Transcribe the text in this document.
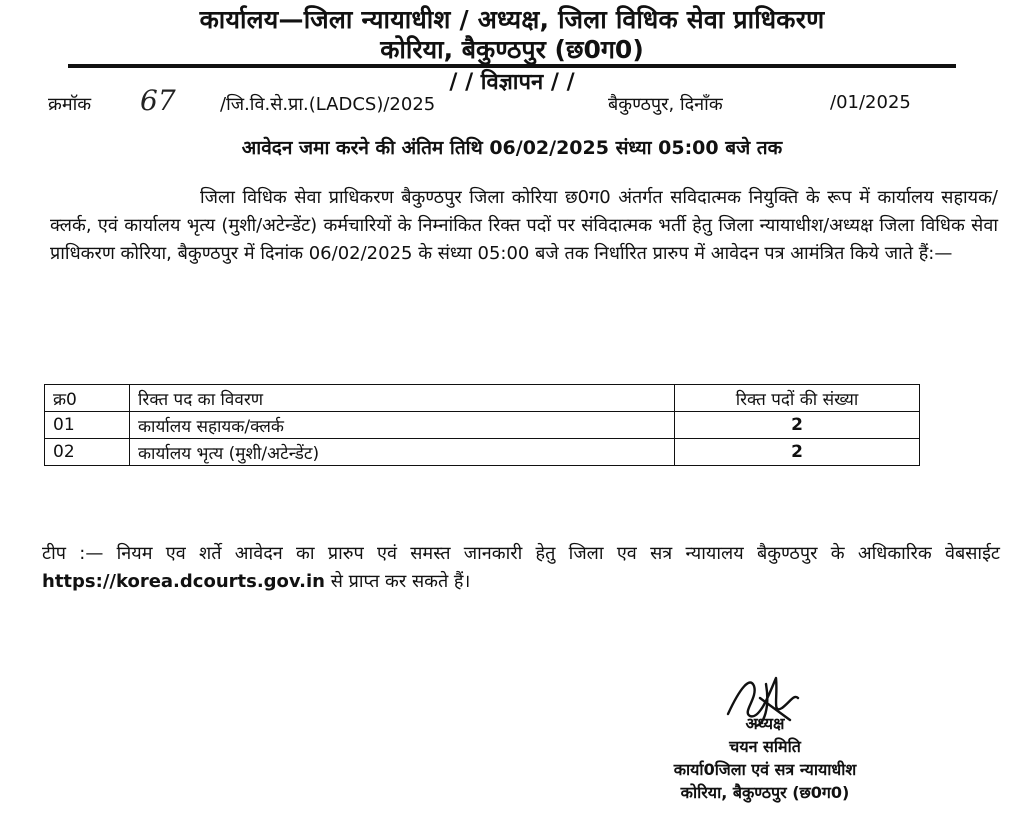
कार्यालय—जिला न्यायाधीश / अध्यक्ष, जिला विधिक सेवा प्राधिकरण
कोरिया, बैकुण्ठपुर (छ0ग0)
/ / विज्ञापन / /
क्रमॉक 67 /जि.वि.से.प्रा.(LADCS)/2025	बैकुण्ठपुर, दिनाँक	/01/2025
आवेदन जमा करने की अंतिम तिथि 06/02/2025 संध्या 05:00 बजे तक
जिला विधिक सेवा प्राधिकरण बैकुण्ठपुर जिला कोरिया छ0ग0 अंतर्गत सविदात्मक नियुक्ति के रूप में कार्यालय सहायक/क्लर्क, एवं कार्यालय भृत्य (मुशी/अटेन्डेंट) कर्मचारियों के निम्नांकित रिक्त पदों पर संविदात्मक भर्ती हेतु जिला न्यायाधीश/अध्यक्ष जिला विधिक सेवा प्राधिकरण कोरिया, बैकुण्ठपुर में दिनांक 06/02/2025 के संध्या 05:00 बजे तक निर्धारित प्रारुप में आवेदन पत्र आमंत्रित किये जाते हैं:—
क्र0	रिक्त पद का विवरण	रिक्त पदों की संख्या
01	कार्यालय सहायक/क्लर्क	2
02	कार्यालय भृत्य (मुशी/अटेन्डेंट)	2
टीप :— नियम एव शर्ते आवेदन का प्रारुप एवं समस्त जानकारी हेतु जिला एव सत्र न्यायालय बैकुण्ठपुर के अधिकारिक वेबसाईट https://korea.dcourts.gov.in से प्राप्त कर सकते हैं।
अध्यक्ष
चयन समिति
कार्या0जिला एवं सत्र न्यायाधीश
कोरिया, बैकुण्ठपुर (छ0ग0)
